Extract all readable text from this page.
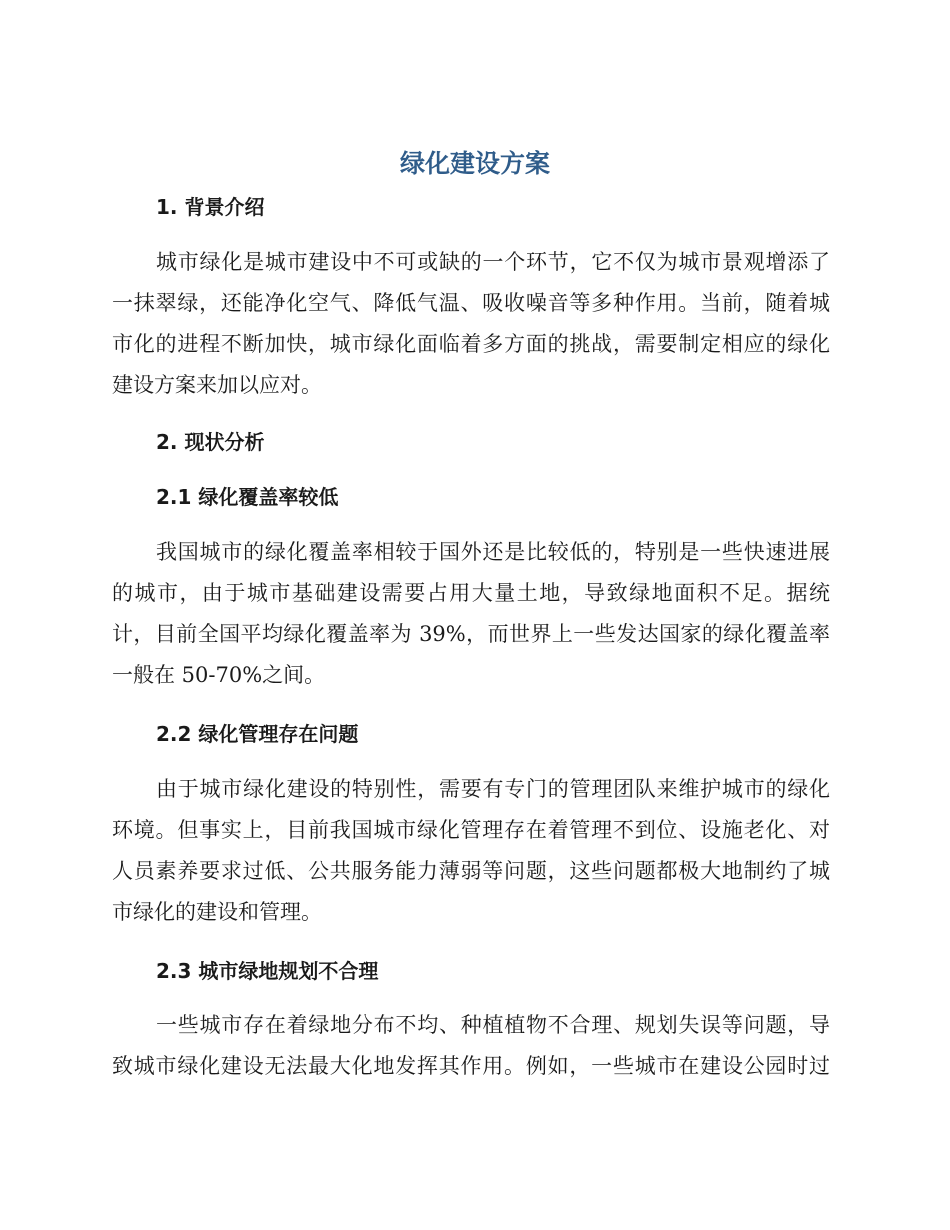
绿化建设方案
1. 背景介绍
城市绿化是城市建设中不可或缺的一个环节，它不仅为城市景观增添了
一抹翠绿，还能净化空气、降低气温、吸收噪音等多种作用。当前，随着城
市化的进程不断加快，城市绿化面临着多方面的挑战，需要制定相应的绿化
建设方案来加以应对。
2. 现状分析
2.1 绿化覆盖率较低
我国城市的绿化覆盖率相较于国外还是比较低的，特别是一些快速进展
的城市，由于城市基础建设需要占用大量土地，导致绿地面积不足。据统
计，目前全国平均绿化覆盖率为 39%，而世界上一些发达国家的绿化覆盖率
一般在 50-70%之间。
2.2 绿化管理存在问题
由于城市绿化建设的特别性，需要有专门的管理团队来维护城市的绿化
环境。但事实上，目前我国城市绿化管理存在着管理不到位、设施老化、对
人员素养要求过低、公共服务能力薄弱等问题，这些问题都极大地制约了城
市绿化的建设和管理。
2.3 城市绿地规划不合理
一些城市存在着绿地分布不均、种植植物不合理、规划失误等问题，导
致城市绿化建设无法最大化地发挥其作用。例如，一些城市在建设公园时过
